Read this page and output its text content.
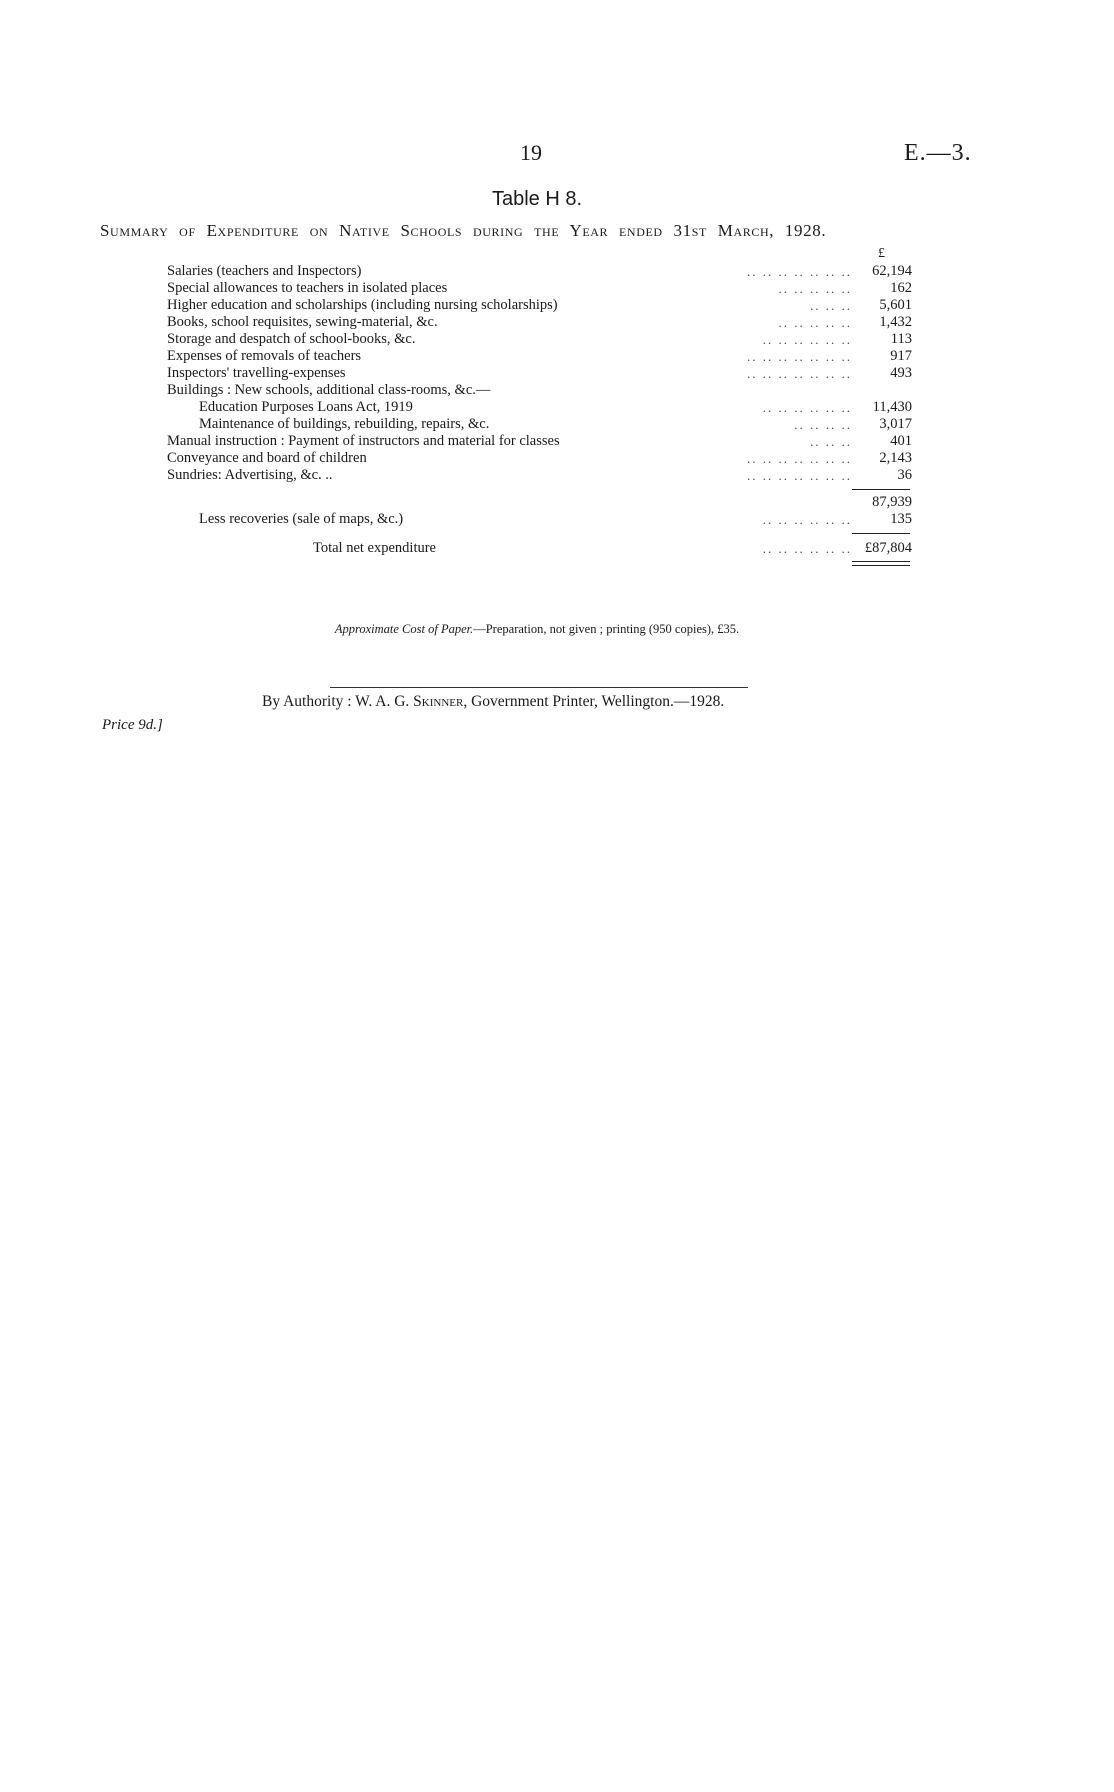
19	E.—3.
Table H 8.
Summary of Expenditure on Native Schools during the Year ended 31st March, 1928.
£
Salaries (teachers and Inspectors)	.. .. .. .. .. .. .. 62,194
Special allowances to teachers in isolated places	.. .. .. .. ..	162
Higher education and scholarships (including nursing scholarships)	.. .. .. 5,601
Books, school requisites, sewing-material, &c.	.. .. .. .. .. 1,432
Storage and despatch of school-books, &c.	.. .. .. .. .. ..	113
Expenses of removals of teachers	.. .. .. .. .. .. ..	917
Inspectors' travelling-expenses	.. .. .. .. .. .. ..	493
Buildings : New schools, additional class-rooms, &c.—
Education Purposes Loans Act, 1919	.. .. .. .. .. .. 11,430
Maintenance of buildings, rebuilding, repairs, &c.	.. .. .. .. 3,017
Manual instruction : Payment of instructors and material for classes	.. .. ..	401
Conveyance and board of children	.. .. .. .. .. .. .. 2,143
Sundries: Advertising, &c. ..	.. .. .. .. .. .. ..	36
87,939
Less recoveries (sale of maps, &c.)	.. .. .. .. .. ..	135
Total net expenditure	.. .. .. .. .. .. £87,804
Approximate Cost of Paper.—Preparation, not given ; printing (950 copies), £35.
By Authority : W. A. G. Skinner, Government Printer, Wellington.—1928.
Price 9d.]
